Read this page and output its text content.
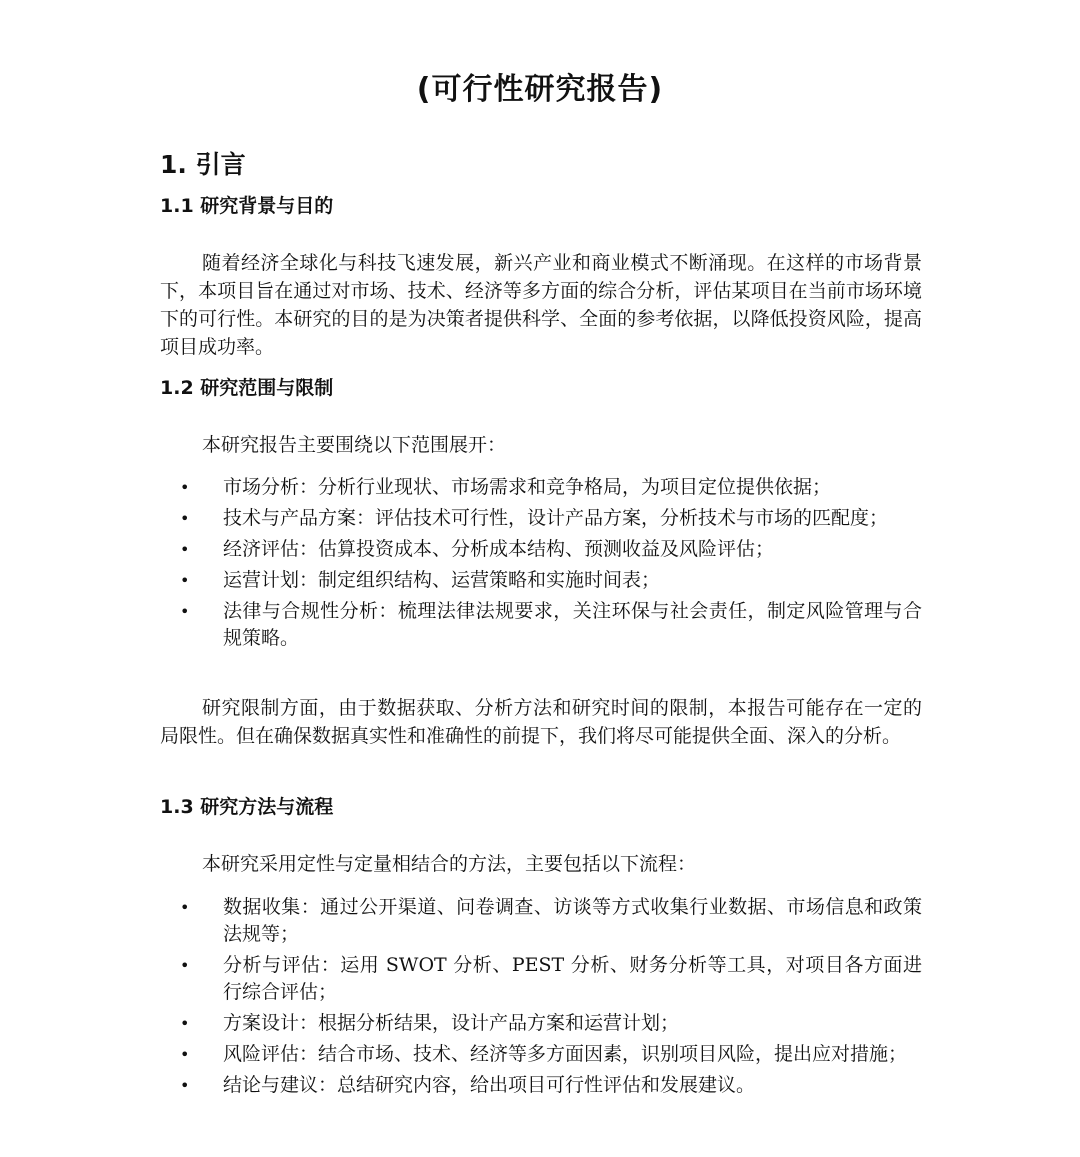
(可行性研究报告)
1. 引言
1.1 研究背景与目的

随着经济全球化与科技飞速发展，新兴产业和商业模式不断涌现。在这样的市场背景下，本项目旨在通过对市场、技术、经济等多方面的综合分析，评估某项目在当前市场环境下的可行性。本研究的目的是为决策者提供科学、全面的参考依据，以降低投资风险，提高项目成功率。

1.2 研究范围与限制
本研究报告主要围绕以下范围展开：
• 市场分析：分析行业现状、市场需求和竞争格局，为项目定位提供依据；
• 技术与产品方案：评估技术可行性，设计产品方案，分析技术与市场的匹配度；
• 经济评估：估算投资成本、分析成本结构、预测收益及风险评估；
• 运营计划：制定组织结构、运营策略和实施时间表；
• 法律与合规性分析：梳理法律法规要求，关注环保与社会责任，制定风险管理与合规策略。

研究限制方面，由于数据获取、分析方法和研究时间的限制，本报告可能存在一定的局限性。但在确保数据真实性和准确性的前提下，我们将尽可能提供全面、深入的分析。

1.3 研究方法与流程
本研究采用定性与定量相结合的方法，主要包括以下流程：
• 数据收集：通过公开渠道、问卷调查、访谈等方式收集行业数据、市场信息和政策法规等；
• 分析与评估：运用 SWOT 分析、PEST 分析、财务分析等工具，对项目各方面进行综合评估；
• 方案设计：根据分析结果，设计产品方案和运营计划；
• 风险评估：结合市场、技术、经济等多方面因素，识别项目风险，提出应对措施；
• 结论与建议：总结研究内容，给出项目可行性评估和发展建议。
